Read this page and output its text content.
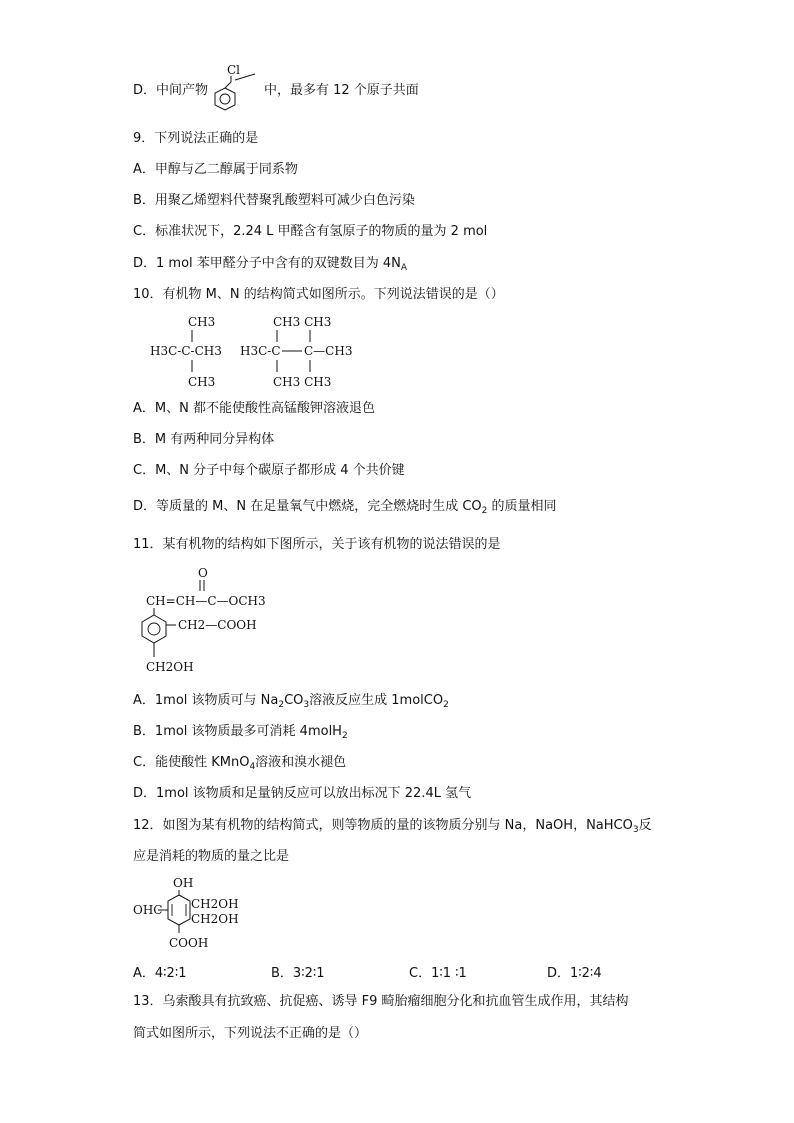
D．中间产物
Cl
中，最多有 12 个原子共面
9．下列说法正确的是
A．甲醇与乙二醇属于同系物
B．用聚乙烯塑料代替聚乳酸塑料可减少白色污染
C．标准状况下，2.24 L 甲醛含有氢原子的物质的量为 2 mol
D．1 mol 苯甲醛分子中含有的双键数目为 $4N_A$
10．有机物 M、N 的结构简式如图所示。下列说法错误的是（）
CH3
H3C-C-CH3
CH3
CH3 CH3
H3C-C C—CH3
CH3 CH3
A．M、N 都不能使酸性高锰酸钾溶液退色
B．M 有两种同分异构体
C．M、N 分子中每个碳原子都形成 4 个共价键
D．等质量的 M、N 在足量氧气中燃烧，完全燃烧时生成 $CO_2$ 的质量相同
11．某有机物的结构如下图所示，关于该有机物的说法错误的是
O
CH=CH—C—OCH3
CH2—COOH
CH2OH
A．1mol 该物质可与 $Na_2CO_3$溶液反应生成 1molCO$_2$
B．1mol 该物质最多可消耗 4molH$_2$
C．能使酸性 KMnO$_4$溶液和溴水褪色
D．1mol 该物质和足量钠反应可以放出标况下 22.4L 氢气
12．如图为某有机物的结构简式，则等物质的量的该物质分别与 Na，NaOH，NaHCO$_3$反
应是消耗的物质的量之比是
OH
OHC CH2OH
CH2OH
COOH
A．4∶2∶1	B．3∶2∶1	C．1∶1 ∶1	D．1∶2∶4
13．乌索酸具有抗致癌、抗促癌、诱导 F9 畸胎瘤细胞分化和抗血管生成作用，其结构
简式如图所示，下列说法不正确的是（）
